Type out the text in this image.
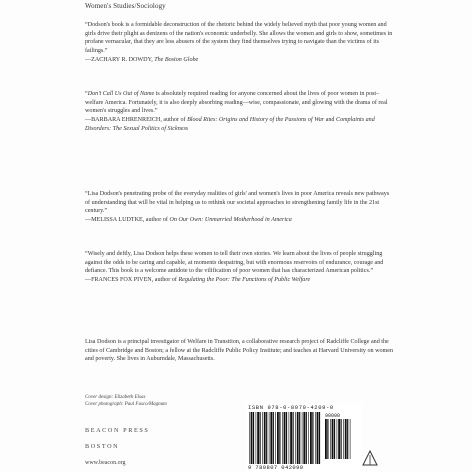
Women's Studies/Sociology

“Dodson's book is a formidable deconstruction of the rhetoric behind the widely believed myth that poor young women and girls drive their plight as denizens of the nation's economic underbelly. She allows the women and girls to show, sometimes in profane vernacular, that they are less abusers of the system they find themselves trying to navigate than the victims of its failings.”

—ZACHARY R. DOWDY, The Boston Globe

“Don't Call Us Out of Name is absolutely required reading for anyone concerned about the lives of poor women in post–welfare America. Fortunately, it is also deeply absorbing reading—wise, compassionate, and glowing with the drama of real women's struggles and lives.”

—BARBARA EHRENREICH, author of Blood Rites: Origins and History of the Passions of War and Complaints and Disorders: The Sexual Politics of Sickness

“Lisa Dodson's penetrating probe of the everyday realities of girls' and women's lives in poor America reveals new pathways of understanding that will be vital in helping us to rethink our societal approaches to strengthening family life in the 21st century.”

—MELISSA LUDTKE, author of On Our Own: Unmarried Motherhood in America

“Wisely and deftly, Lisa Dodson helps these women to tell their own stories. We learn about the lives of people struggling against the odds to be caring and capable, at moments despairing, but with enormous reservoirs of endurance, courage and defiance. This book is a welcome antidote to the vilification of poor women that has characterized American politics.”

—FRANCES FOX PIVEN, author of Regulating the Poor: The Functions of Public Welfare

Lisa Dodson is a principal investigator of Welfare in Transition, a collaborative research project of Radcliffe College and the cities of Cambridge and Boston; a fellow at the Radcliffe Public Policy Institute; and teaches at Harvard University on women and poverty. She lives in Auburndale, Massachusetts.

Cover design: Elizabeth Elsas
Cover photograph: Paul Fusco/Magnum
BEACON PRESS
BOSTON
www.beacon.org
ISBN 978-0-8070-4209-0
90000
9 780807 042090
